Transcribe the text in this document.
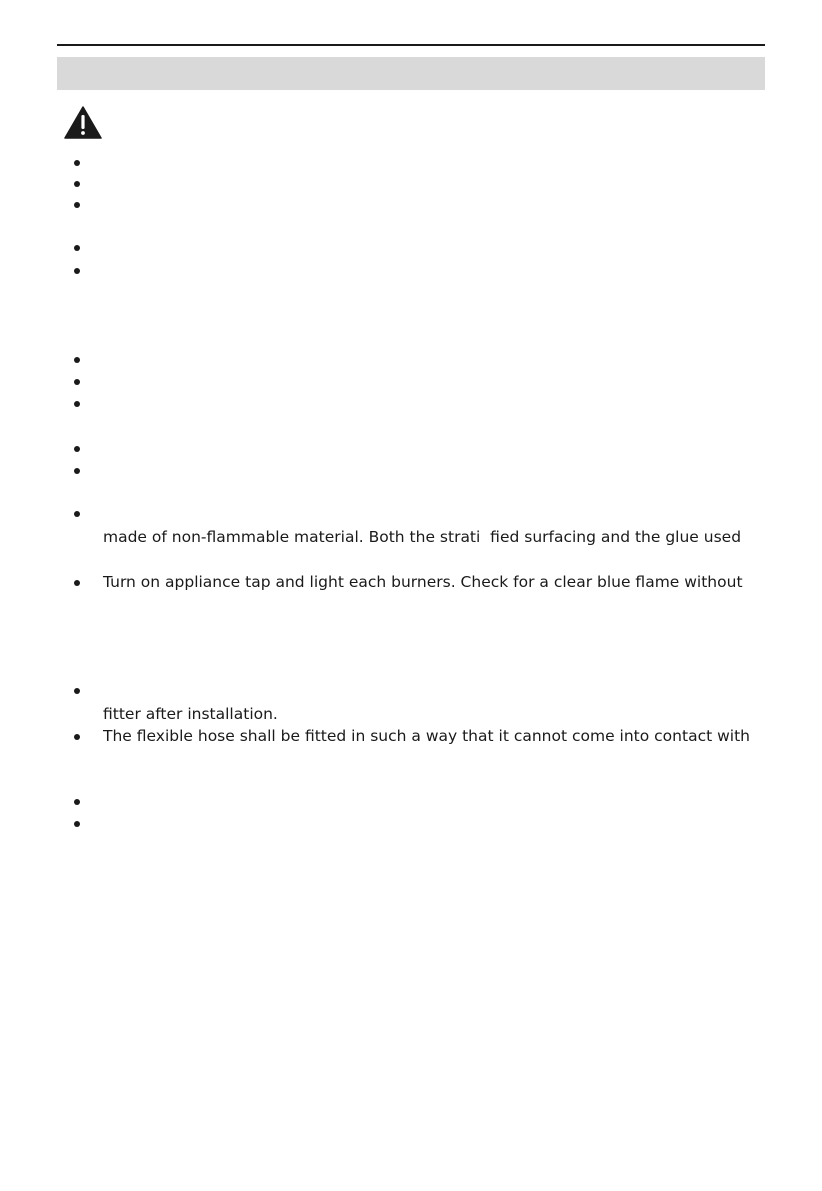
made of non-flammable material. Both the strati  fied surfacing and the glue used
Turn on appliance tap and light each burners. Check for a clear blue flame without
fitter after installation.
The flexible hose shall be fitted in such a way that it cannot come into contact with
